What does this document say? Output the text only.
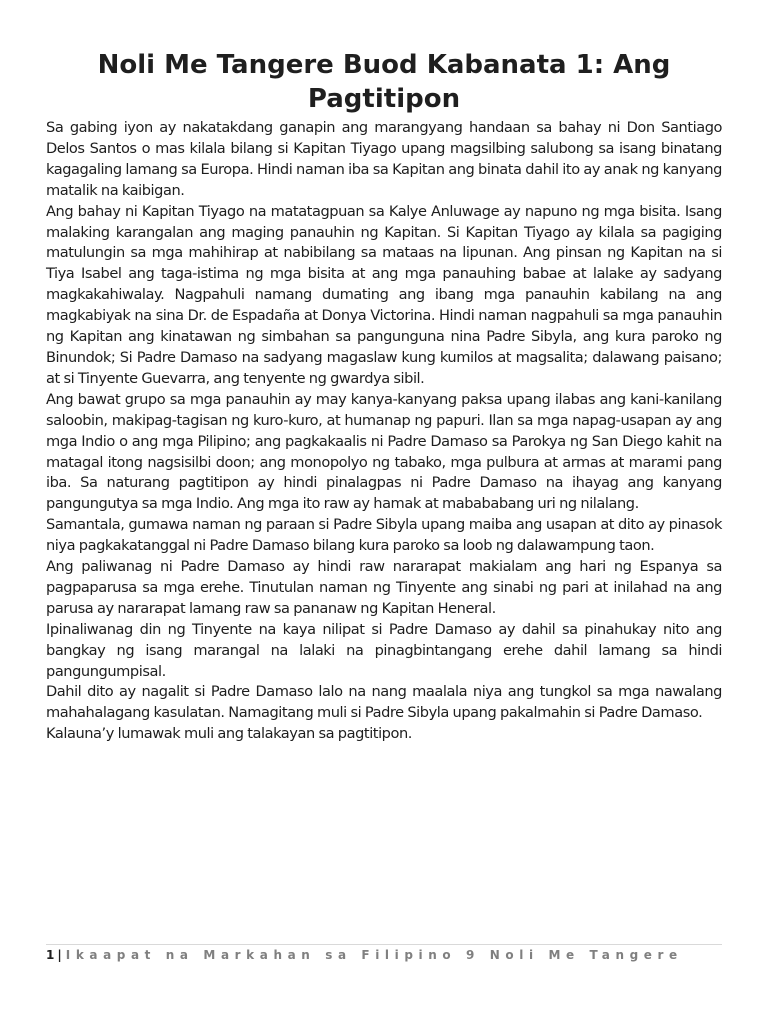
Noli Me Tangere Buod Kabanata 1: Ang
Pagtitipon

Sa gabing iyon ay nakatakdang ganapin ang marangyang handaan sa bahay ni Don Santiago Delos Santos o mas kilala bilang si Kapitan Tiyago upang magsilbing salubong sa isang binatang kagagaling lamang sa Europa. Hindi naman iba sa Kapitan ang binata dahil ito ay anak ng kanyang matalik na kaibigan.

Ang bahay ni Kapitan Tiyago na matatagpuan sa Kalye Anluwage ay napuno ng mga bisita. Isang malaking karangalan ang maging panauhin ng Kapitan. Si Kapitan Tiyago ay kilala sa pagiging matulungin sa mga mahihirap at nabibilang sa mataas na lipunan. Ang pinsan ng Kapitan na si Tiya Isabel ang taga-istima ng mga bisita at ang mga panauhing babae at lalake ay sadyang magkakahiwalay. Nagpahuli namang dumating ang ibang mga panauhin kabilang na ang magkabiyak na sina Dr. de Espadaña at Donya Victorina. Hindi naman nagpahuli sa mga panauhin ng Kapitan ang kinatawan ng simbahan sa pangunguna nina Padre Sibyla, ang kura paroko ng Binundok; Si Padre Damaso na sadyang magaslaw kung kumilos at magsalita; dalawang paisano; at si Tinyente Guevarra, ang tenyente ng gwardya sibil.

Ang bawat grupo sa mga panauhin ay may kanya-kanyang paksa upang ilabas ang kani-kanilang saloobin, makipag-tagisan ng kuro-kuro, at humanap ng papuri. Ilan sa mga napag-usapan ay ang mga Indio o ang mga Pilipino; ang pagkakaalis ni Padre Damaso sa Parokya ng San Diego kahit na matagal itong nagsisilbi doon; ang monopolyo ng tabako, mga pulbura at armas at marami pang iba. Sa naturang pagtitipon ay hindi pinalagpas ni Padre Damaso na ihayag ang kanyang pangungutya sa mga Indio. Ang mga ito raw ay hamak at mabababang uri ng nilalang.

Samantala, gumawa naman ng paraan si Padre Sibyla upang maiba ang usapan at dito ay pinasok niya pagkakatanggal ni Padre Damaso bilang kura paroko sa loob ng dalawampung taon.

Ang paliwanag ni Padre Damaso ay hindi raw nararapat makialam ang hari ng Espanya sa pagpaparusa sa mga erehe. Tinutulan naman ng Tinyente ang sinabi ng pari at inilahad na ang parusa ay nararapat lamang raw sa pananaw ng Kapitan Heneral.

Ipinaliwanag din ng Tinyente na kaya nilipat si Padre Damaso ay dahil sa pinahukay nito ang bangkay ng isang marangal na lalaki na pinagbintangang erehe dahil lamang sa hindi pangungumpisal.

Dahil dito ay nagalit si Padre Damaso lalo na nang maalala niya ang tungkol sa mga nawalang mahahalagang kasulatan. Namagitang muli si Padre Sibyla upang pakalmahin si Padre Damaso.

Kalauna’y lumawak muli ang talakayan sa pagtitipon.

1 | Ikaapat na Markahan sa Filipino 9 Noli Me Tangere
